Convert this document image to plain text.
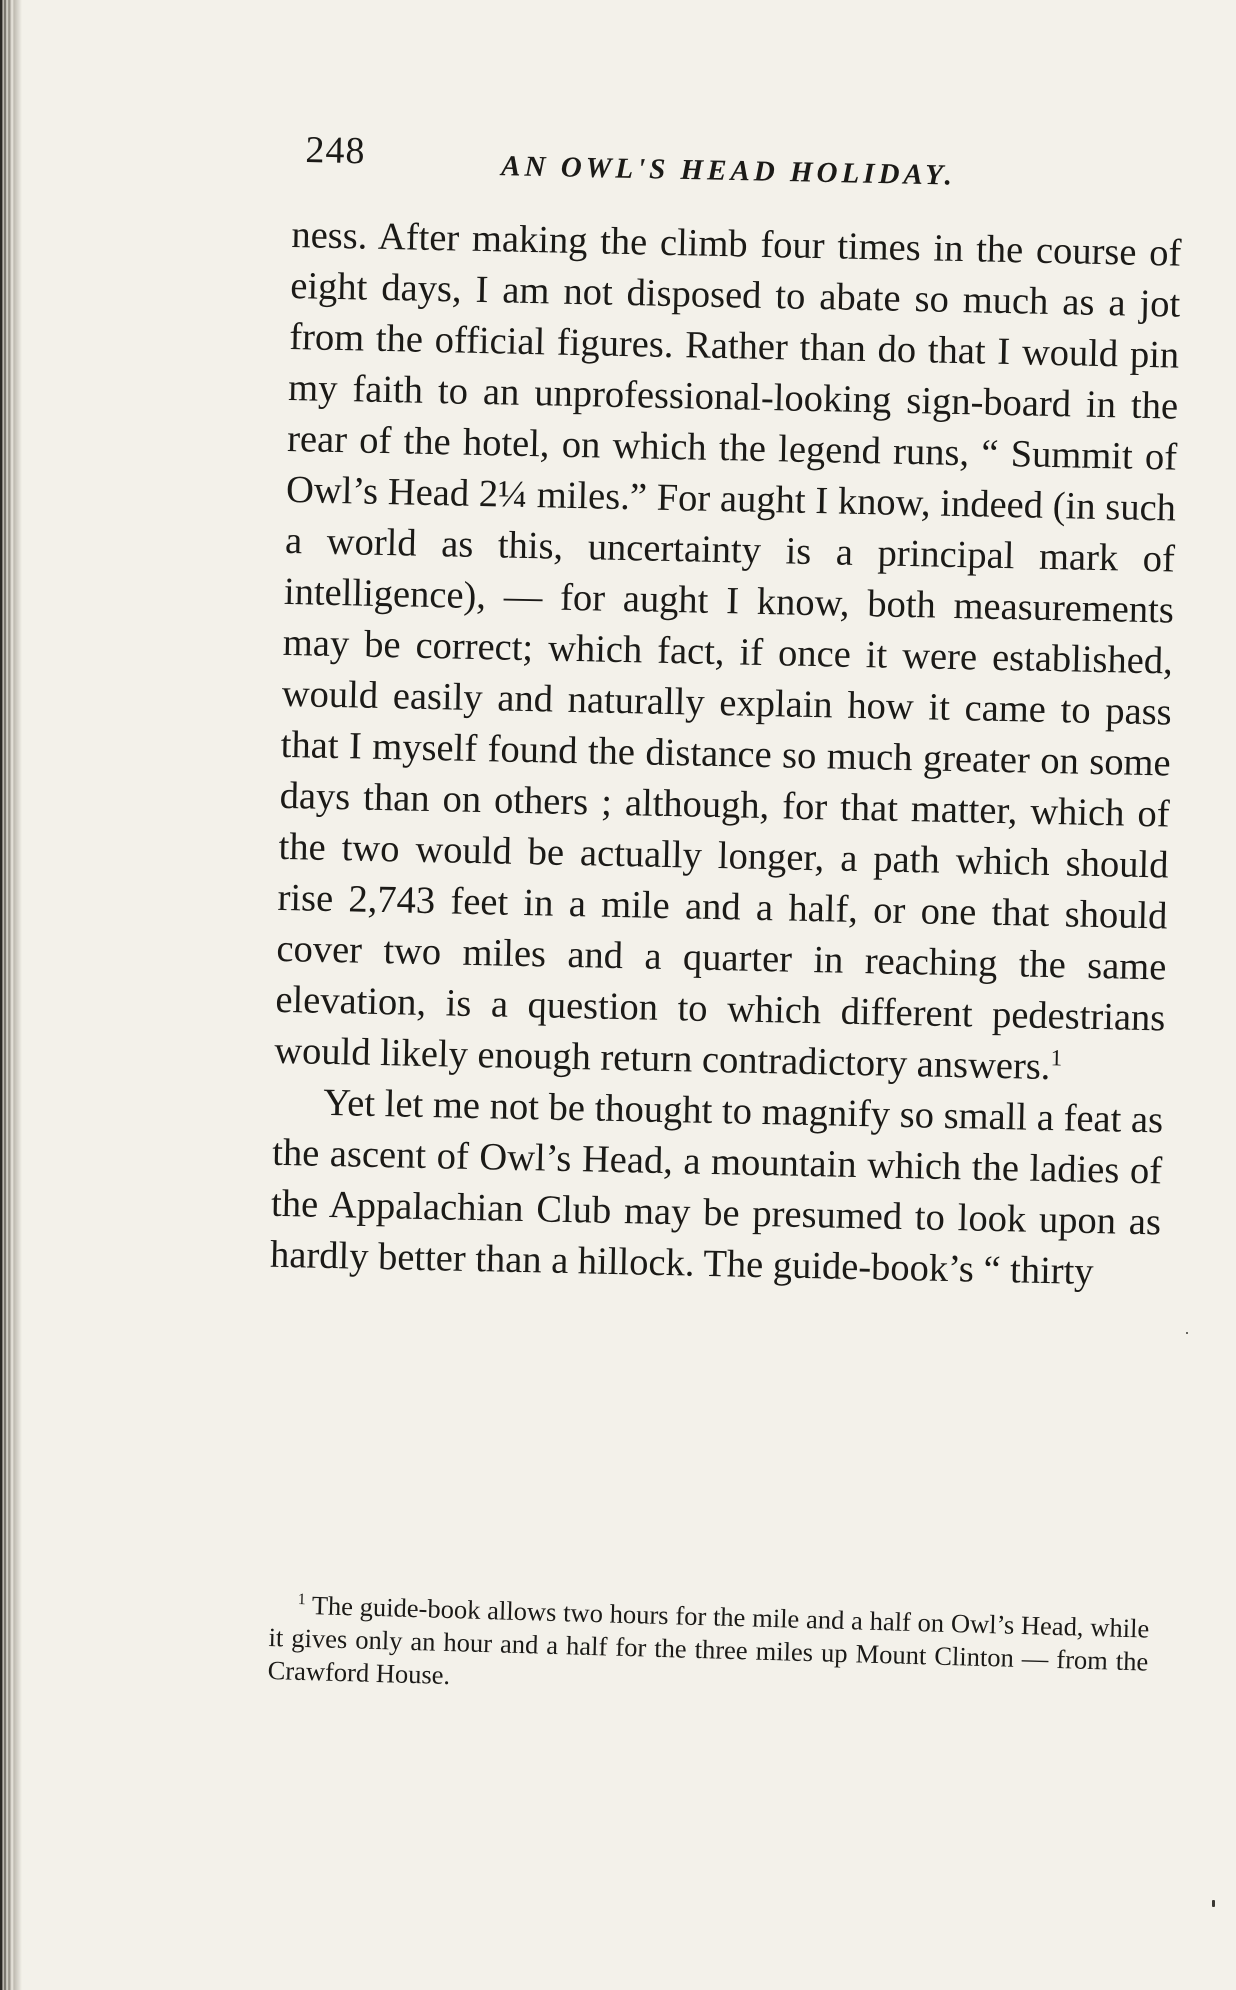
248	AN OWL'S HEAD HOLIDAY.

ness. After making the climb four times in the course of eight days, I am not disposed to abate so much as a jot from the official figures. Rather than do that I would pin my faith to an unprofessional-looking sign-board in the rear of the hotel, on which the legend runs, “ Summit of Owl’s Head 2¼ miles.” For aught I know, indeed (in such a world as this, uncertainty is a principal mark of intelligence), — for aught I know, both measurements may be correct; which fact, if once it were established, would easily and naturally explain how it came to pass that I myself found the distance so much greater on some days than on others ; although, for that matter, which of the two would be actually longer, a path which should rise 2,743 feet in a mile and a half, or one that should cover two miles and a quarter in reaching the same elevation, is a question to which different pedestrians would likely enough return contradictory answers.$^1$

Yet let me not be thought to magnify so small a feat as the ascent of Owl’s Head, a mountain which the ladies of the Appalachian Club may be presumed to look upon as hardly better than a hillock. The guide-book’s “ thirty

$^1$ The guide-book allows two hours for the mile and a half on Owl’s Head, while it gives only an hour and a half for the three miles up Mount Clinton — from the Crawford House.
